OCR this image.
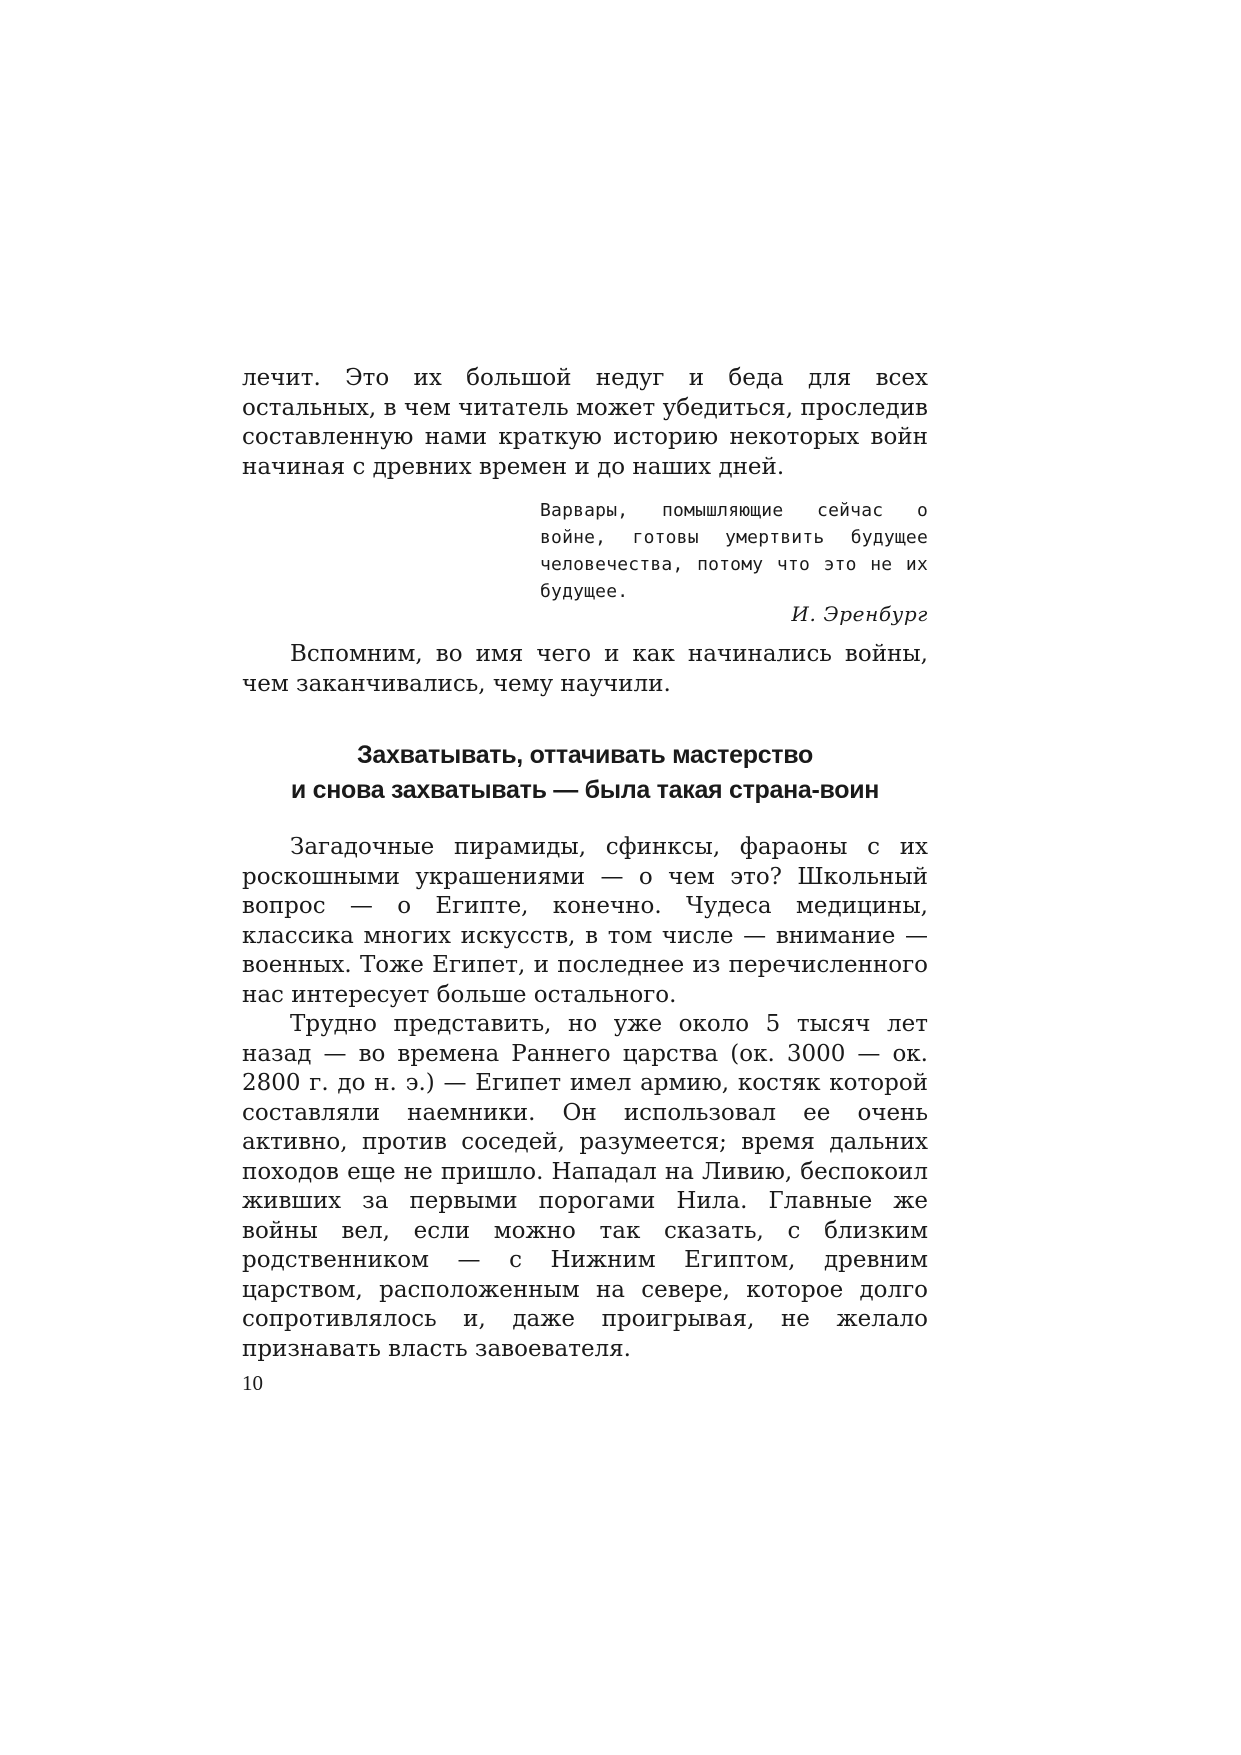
лечит. Это их большой недуг и беда для всех остальных, в чем читатель может убедиться, проследив составленную нами краткую историю некоторых войн начиная с древних времен и до наших дней.

Варвары, помышляющие сейчас о войне, готовы умертвить будущее человечества, потому что это не их будущее.
И. Эренбург

Вспомним, во имя чего и как начинались войны, чем заканчивались, чему научили.

Захватывать, оттачивать мастерство
и снова захватывать — была такая страна-воин

Загадочные пирамиды, сфинксы, фараоны с их роскошными украшениями — о чем это? Школьный вопрос — о Египте, конечно. Чудеса медицины, классика многих искусств, в том числе — внимание — военных. Тоже Египет, и последнее из перечисленного нас интересует больше остального.

Трудно представить, но уже около 5 тысяч лет назад — во времена Раннего царства (ок. 3000 — ок. 2800 г. до н. э.) — Египет имел армию, костяк которой составляли наемники. Он использовал ее очень активно, против соседей, разумеется; время дальних походов еще не пришло. Нападал на Ливию, беспокоил живших за первыми порогами Нила. Главные же войны вел, если можно так сказать, с близким родственником — с Нижним Египтом, древним царством, расположенным на севере, которое долго сопротивлялось и, даже проигрывая, не желало признавать власть завоевателя.

10
